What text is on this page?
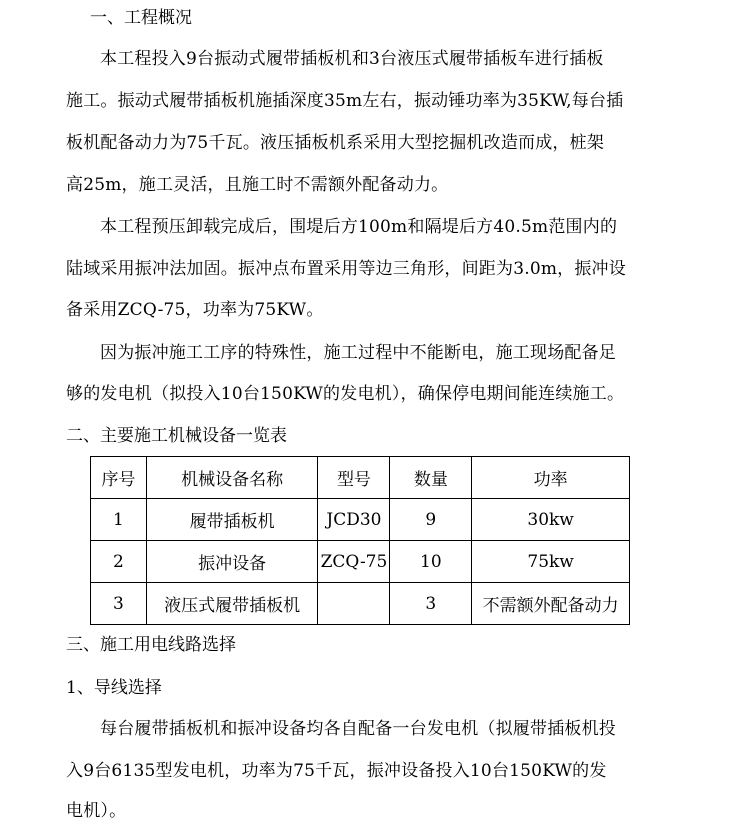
一、工程概况
本工程投入9台振动式履带插板机和3台液压式履带插板车进行插板
施工。振动式履带插板机施插深度35m左右，振动锤功率为35KW,每台插
板机配备动力为75千瓦。液压插板机系采用大型挖掘机改造而成，桩架
高25m，施工灵活，且施工时不需额外配备动力。
本工程预压卸载完成后，围堤后方100m和隔堤后方40.5m范围内的
陆域采用振冲法加固。振冲点布置采用等边三角形，间距为3.0m，振冲设
备采用ZCQ-75，功率为75KW。
因为振冲施工工序的特殊性，施工过程中不能断电，施工现场配备足
够的发电机（拟投入10台150KW的发电机），确保停电期间能连续施工。
二、主要施工机械设备一览表
序号	机械设备名称	型号	数量	功率
1	履带插板机	JCD30	9	30kw
2	振冲设备	ZCQ-75	10	75kw
3	液压式履带插板机		3	不需额外配备动力
三、施工用电线路选择
1、导线选择
每台履带插板机和振冲设备均各自配备一台发电机（拟履带插板机投
入9台6135型发电机，功率为75千瓦，振冲设备投入10台150KW的发
电机）。
